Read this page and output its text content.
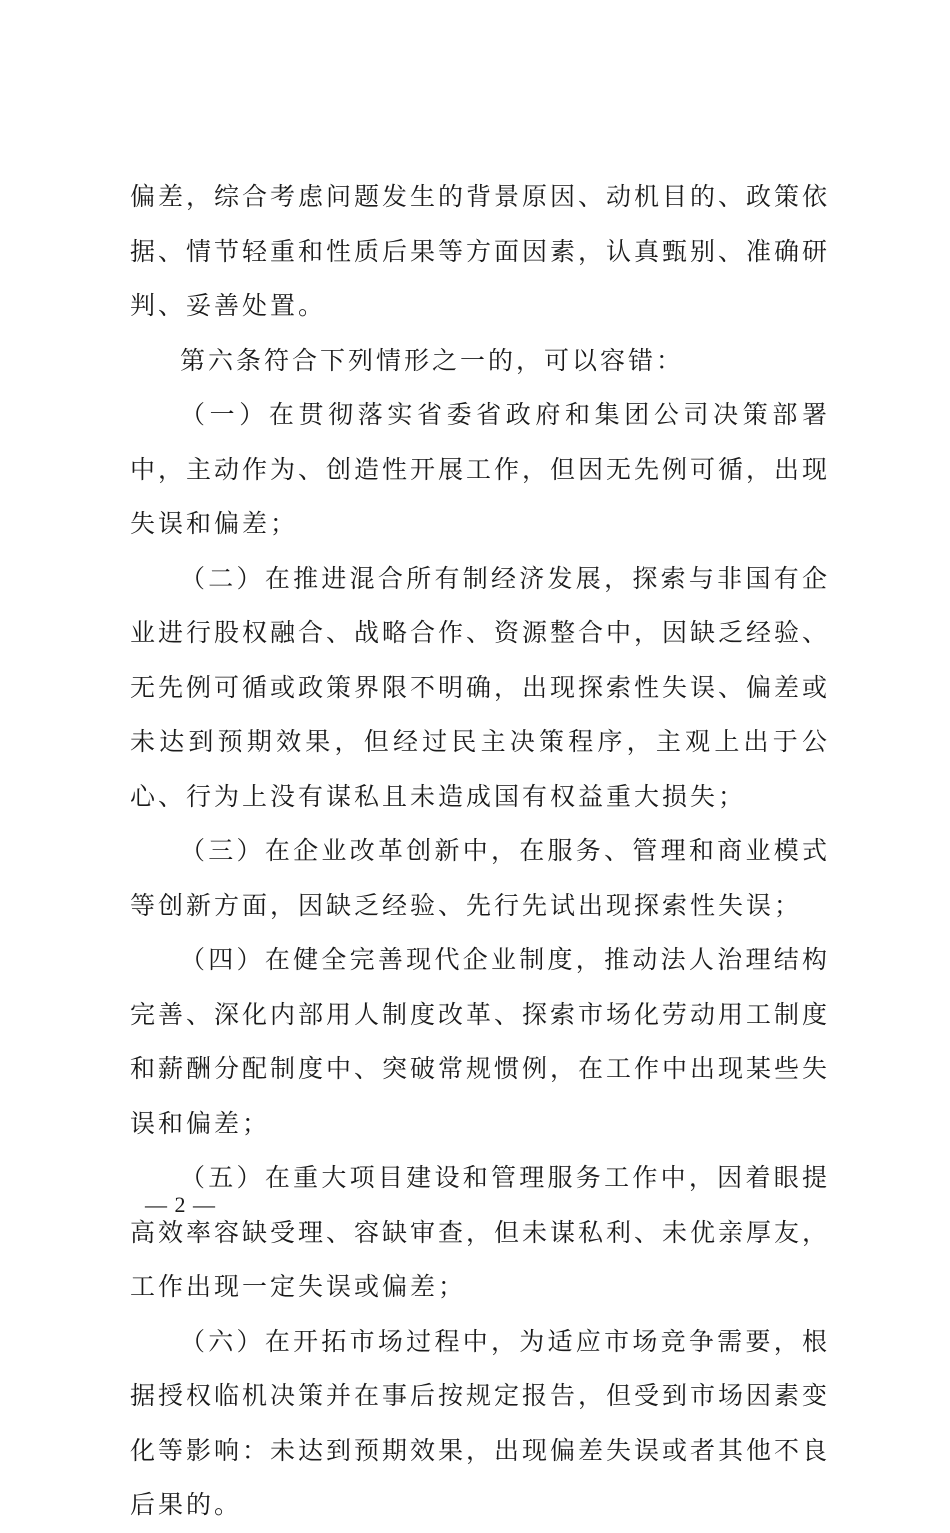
偏差，综合考虑问题发生的背景原因、动机目的、政策依据、情节轻重和性质后果等方面因素，认真甄别、准确研判、妥善处置。

第六条符合下列情形之一的，可以容错：

（一）在贯彻落实省委省政府和集团公司决策部署中，主动作为、创造性开展工作，但因无先例可循，出现失误和偏差；

（二）在推进混合所有制经济发展，探索与非国有企业进行股权融合、战略合作、资源整合中，因缺乏经验、无先例可循或政策界限不明确，出现探索性失误、偏差或未达到预期效果，但经过民主决策程序，主观上出于公心、行为上没有谋私且未造成国有权益重大损失；

（三）在企业改革创新中，在服务、管理和商业模式等创新方面，因缺乏经验、先行先试出现探索性失误；

（四）在健全完善现代企业制度，推动法人治理结构完善、深化内部用人制度改革、探索市场化劳动用工制度和薪酬分配制度中、突破常规惯例，在工作中出现某些失误和偏差；

（五）在重大项目建设和管理服务工作中，因着眼提高效率容缺受理、容缺审查，但未谋私利、未优亲厚友，工作出现一定失误或偏差；

（六）在开拓市场过程中，为适应市场竞争需要，根据授权临机决策并在事后按规定报告，但受到市场因素变化等影响：未达到预期效果，出现偏差失误或者其他不良后果的。

— 2 —
